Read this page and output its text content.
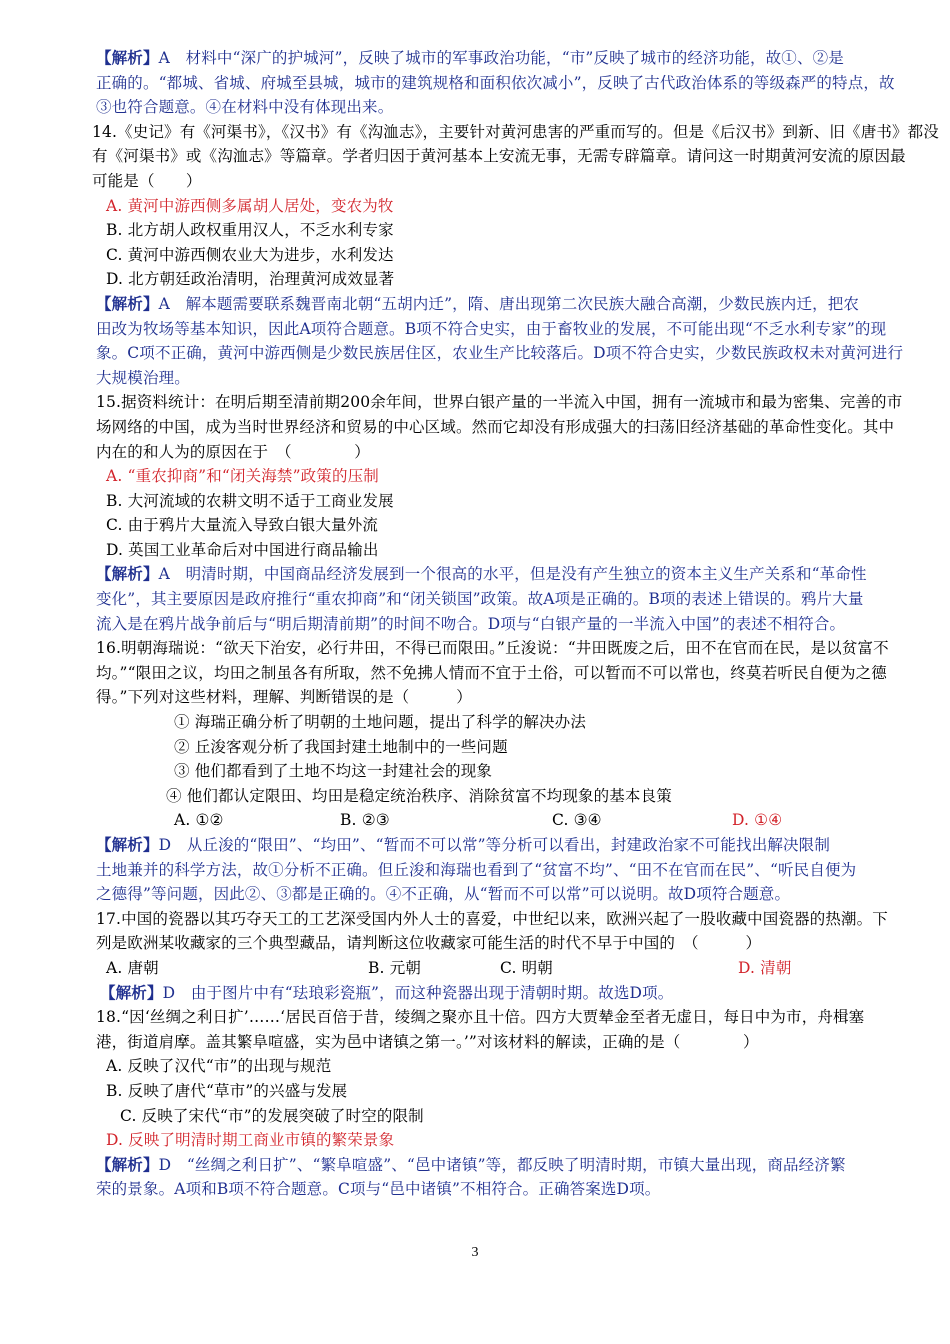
【解析】A　材料中“深广的护城河”，反映了城市的军事政治功能，“市”反映了城市的经济功能，故①、②是
正确的。“都城、省城、府城至县城，城市的建筑规格和面积依次减小”，反映了古代政治体系的等级森严的特点，故
③也符合题意。④在材料中没有体现出来。
14.《史记》有《河渠书》，《汉书》有《沟洫志》，主要针对黄河患害的严重而写的。但是《后汉书》到新、旧《唐书》都没
有《河渠书》或《沟洫志》等篇章。学者归因于黄河基本上安流无事，无需专辟篇章。请问这一时期黄河安流的原因最
可能是（　　）
A. 黄河中游西侧多属胡人居处，变农为牧
B. 北方胡人政权重用汉人，不乏水利专家
C. 黄河中游西侧农业大为进步，水利发达
D. 北方朝廷政治清明，治理黄河成效显著
【解析】A　解本题需要联系魏晋南北朝“五胡内迁”，隋、唐出现第二次民族大融合高潮，少数民族内迁，把农
田改为牧场等基本知识，因此A项符合题意。B项不符合史实，由于畜牧业的发展，不可能出现“不乏水利专家”的现
象。C项不正确，黄河中游西侧是少数民族居住区，农业生产比较落后。D项不符合史实，少数民族政权未对黄河进行
大规模治理。
15.据资料统计：在明后期至清前期200余年间，世界白银产量的一半流入中国，拥有一流城市和最为密集、完善的市
场网络的中国，成为当时世界经济和贸易的中心区域。然而它却没有形成强大的扫荡旧经济基础的革命性变化。其中
内在的和人为的原因在于　（　　　　）
A. “重农抑商”和“闭关海禁”政策的压制
B. 大河流域的农耕文明不适于工商业发展
C. 由于鸦片大量流入导致白银大量外流
D. 英国工业革命后对中国进行商品输出
【解析】A　明清时期，中国商品经济发展到一个很高的水平，但是没有产生独立的资本主义生产关系和“革命性
变化”，其主要原因是政府推行“重农抑商”和“闭关锁国”政策。故A项是正确的。B项的表述上错误的。鸦片大量
流入是在鸦片战争前后与“明后期清前期”的时间不吻合。D项与“白银产量的一半流入中国”的表述不相符合。
16.明朝海瑞说：“欲天下治安，必行井田，不得已而限田。”丘浚说：“井田既废之后，田不在官而在民，是以贫富不
均。”“限田之议，均田之制虽各有所取，然不免拂人情而不宜于土俗，可以暂而不可以常也，终莫若听民自便为之德
得。”下列对这些材料，理解、判断错误的是（　　　）
① 海瑞正确分析了明朝的土地问题，提出了科学的解决办法
② 丘浚客观分析了我国封建土地制中的一些问题
③ 他们都看到了土地不均这一封建社会的现象
④ 他们都认定限田、均田是稳定统治秩序、消除贫富不均现象的基本良策
A. ①②	B. ②③	C. ③④	D. ①④
【解析】D　从丘浚的“限田”、“均田”、“暂而不可以常”等分析可以看出，封建政治家不可能找出解决限制
土地兼并的科学方法，故①分析不正确。但丘浚和海瑞也看到了“贫富不均”、“田不在官而在民”、“听民自便为
之德得”等问题，因此②、③都是正确的。④不正确，从“暂而不可以常”可以说明。故D项符合题意。
17.中国的瓷器以其巧夺天工的工艺深受国内外人士的喜爱，中世纪以来，欧洲兴起了一股收藏中国瓷器的热潮。下
列是欧洲某收藏家的三个典型藏品，请判断这位收藏家可能生活的时代不早于中国的　（　　　）
A. 唐朝	B. 元朝	C. 明朝	D. 清朝
【解析】D　由于图片中有“珐琅彩瓷瓶”，而这种瓷器出现于清朝时期。故选D项。
18.“因‘丝绸之利日扩’……‘居民百倍于昔，绫绸之聚亦且十倍。四方大贾辇金至者无虚日，每日中为市，舟楫塞
港，街道肩摩。盖其繁阜喧盛，实为邑中诸镇之第一。’”对该材料的解读，正确的是（　　　　）
A. 反映了汉代“市”的出现与规范
B. 反映了唐代“草市”的兴盛与发展
C. 反映了宋代“市”的发展突破了时空的限制
D. 反映了明清时期工商业市镇的繁荣景象
【解析】D　“丝绸之利日扩”、“繁阜喧盛”、“邑中诸镇”等，都反映了明清时期，市镇大量出现，商品经济繁
荣的景象。A项和B项不符合题意。C项与“邑中诸镇”不相符合。正确答案选D项。
3
